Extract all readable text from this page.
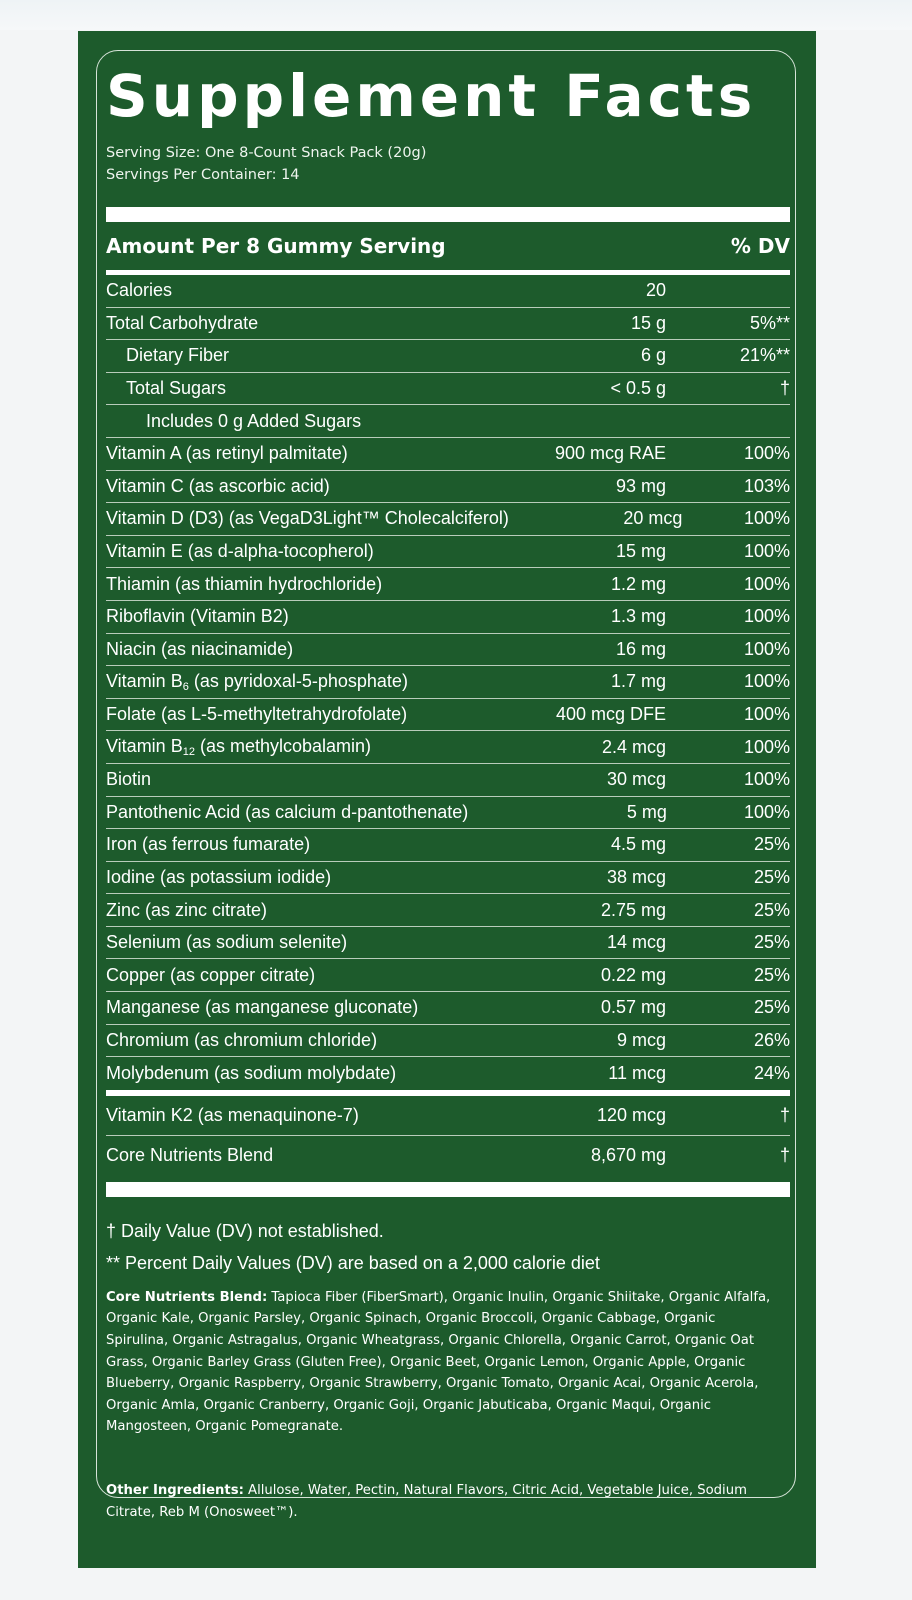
Supplement Facts
Serving Size: One 8-Count Snack Pack (20g)
Servings Per Container: 14
Amount Per 8 Gummy Serving	% DV
Calories	20
Total Carbohydrate	15 g	5%**
Dietary Fiber	6 g	21%**
Total Sugars	< 0.5 g	†
Includes 0 g Added Sugars
Vitamin A (as retinyl palmitate)	900 mcg RAE	100%
Vitamin C (as ascorbic acid)	93 mg	103%
Vitamin D (D3) (as VegaD3Light™ Cholecalciferol)	20 mcg	100%
Vitamin E (as d-alpha-tocopherol)	15 mg	100%
Thiamin (as thiamin hydrochloride)	1.2 mg	100%
Riboflavin (Vitamin B2)	1.3 mg	100%
Niacin (as niacinamide)	16 mg	100%
Vitamin $B_6$ (as pyridoxal-5-phosphate)	1.7 mg	100%
Folate (as L-5-methyltetrahydrofolate)	400 mcg DFE	100%
Vitamin $B_{12}$ (as methylcobalamin)	2.4 mcg	100%
Biotin	30 mcg	100%
Pantothenic Acid (as calcium d-pantothenate)	5 mg	100%
Iron (as ferrous fumarate)	4.5 mg	25%
Iodine (as potassium iodide)	38 mcg	25%
Zinc (as zinc citrate)	2.75 mg	25%
Selenium (as sodium selenite)	14 mcg	25%
Copper (as copper citrate)	0.22 mg	25%
Manganese (as manganese gluconate)	0.57 mg	25%
Chromium (as chromium chloride)	9 mcg	26%
Molybdenum (as sodium molybdate)	11 mcg	24%
Vitamin K2 (as menaquinone-7)	120 mcg	†
Core Nutrients Blend	8,670 mg	†
† Daily Value (DV) not established.
** Percent Daily Values (DV) are based on a 2,000 calorie diet
Core Nutrients Blend: Tapioca Fiber (FiberSmart), Organic Inulin, Organic Shiitake, Organic Alfalfa, Organic Kale, Organic Parsley, Organic Spinach, Organic Broccoli, Organic Cabbage, Organic Spirulina, Organic Astragalus, Organic Wheatgrass, Organic Chlorella, Organic Carrot, Organic Oat Grass, Organic Barley Grass (Gluten Free), Organic Beet, Organic Lemon, Organic Apple, Organic Blueberry, Organic Raspberry, Organic Strawberry, Organic Tomato, Organic Acai, Organic Acerola, Organic Amla, Organic Cranberry, Organic Goji, Organic Jabuticaba, Organic Maqui, Organic Mangosteen, Organic Pomegranate.
Other Ingredients: Allulose, Water, Pectin, Natural Flavors, Citric Acid, Vegetable Juice, Sodium Citrate, Reb M (Onosweet™).
